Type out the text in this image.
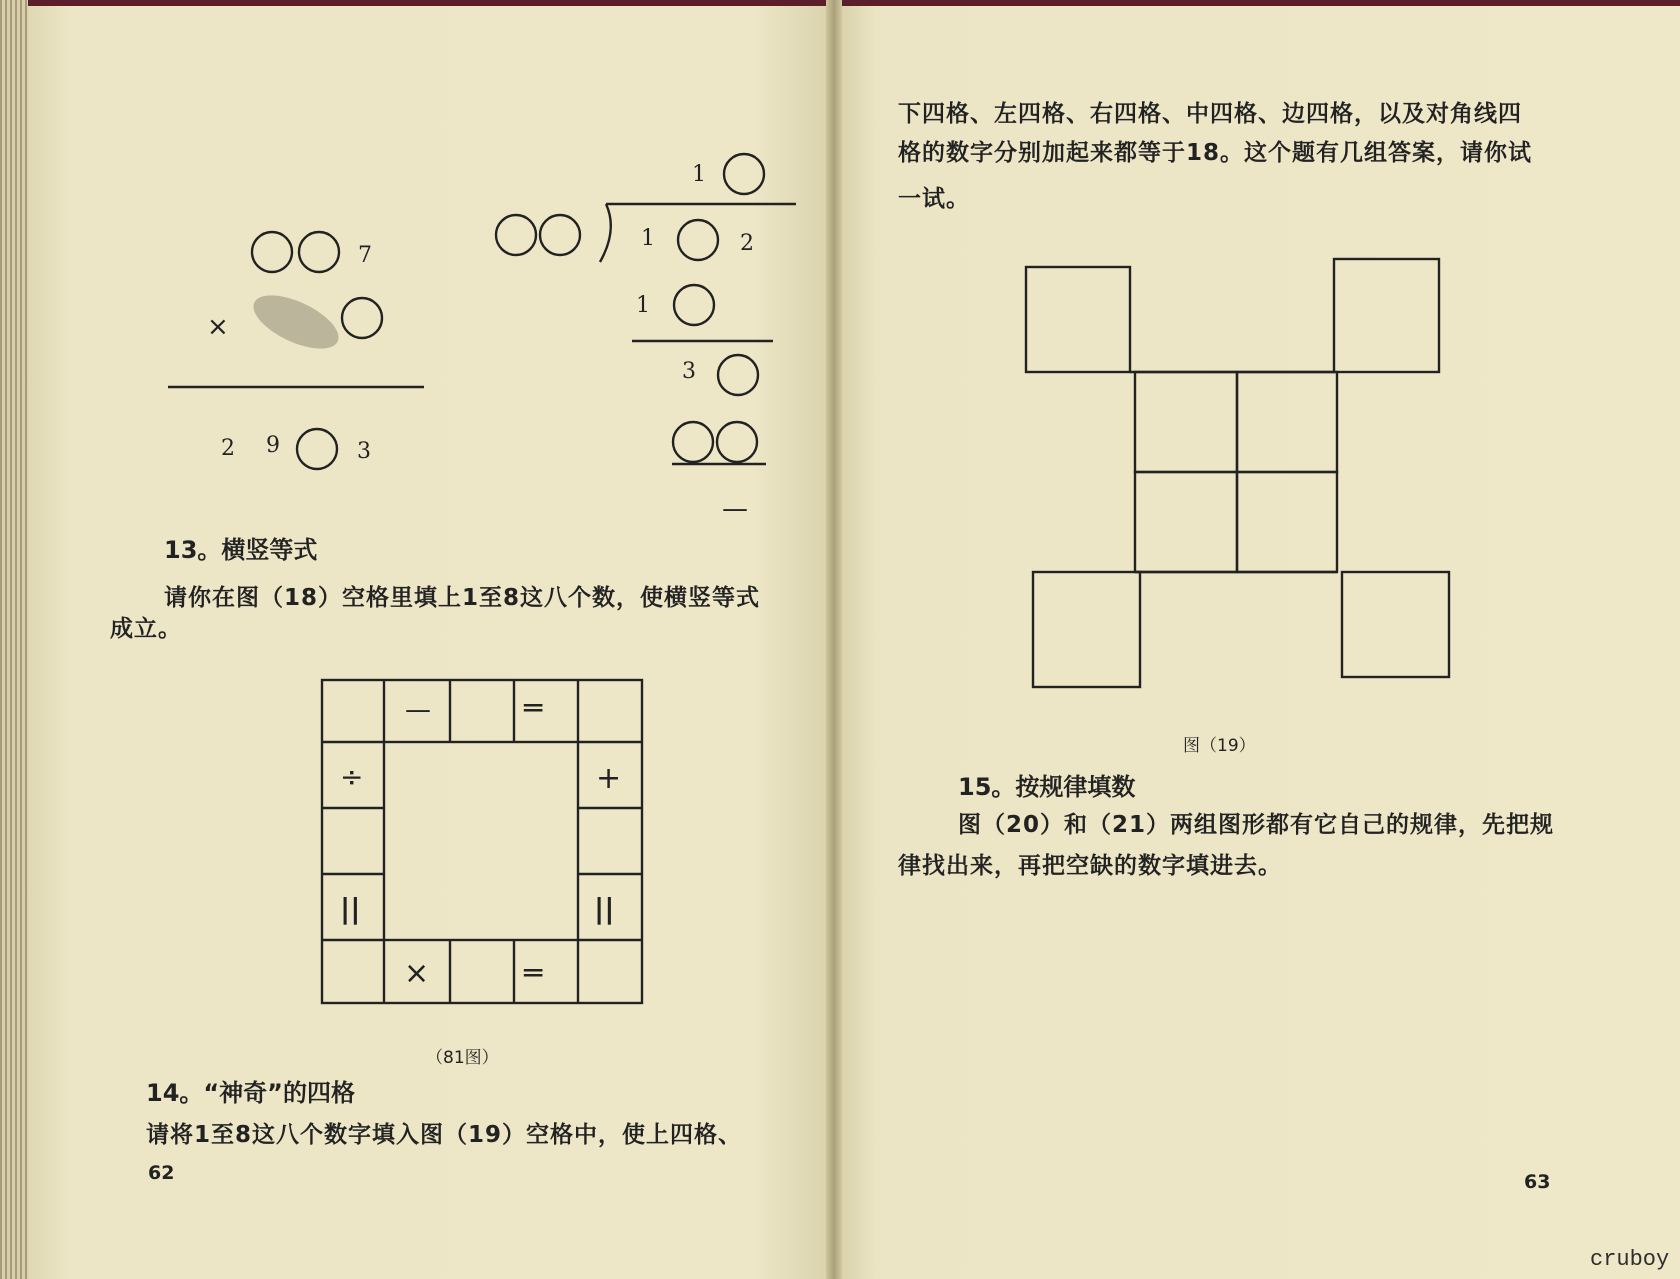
7
×
2 9	3
1
1	2
1
3
—
—	═
÷	+
||	||
×	═
13。横竖等式
请你在图（18）空格里填上1至8这八个数，使横竖等式
成立。
（81图）
14。“神奇”的四格
请将1至8这八个数字填入图（19）空格中，使上四格、
62
下四格、左四格、右四格、中四格、边四格，以及对角线四
格的数字分别加起来都等于18。这个题有几组答案，请你试
一试。
图（19）
15。按规律填数
图（20）和（21）两组图形都有它自己的规律，先把规
律找出来，再把空缺的数字填进去。
63
cruboy
